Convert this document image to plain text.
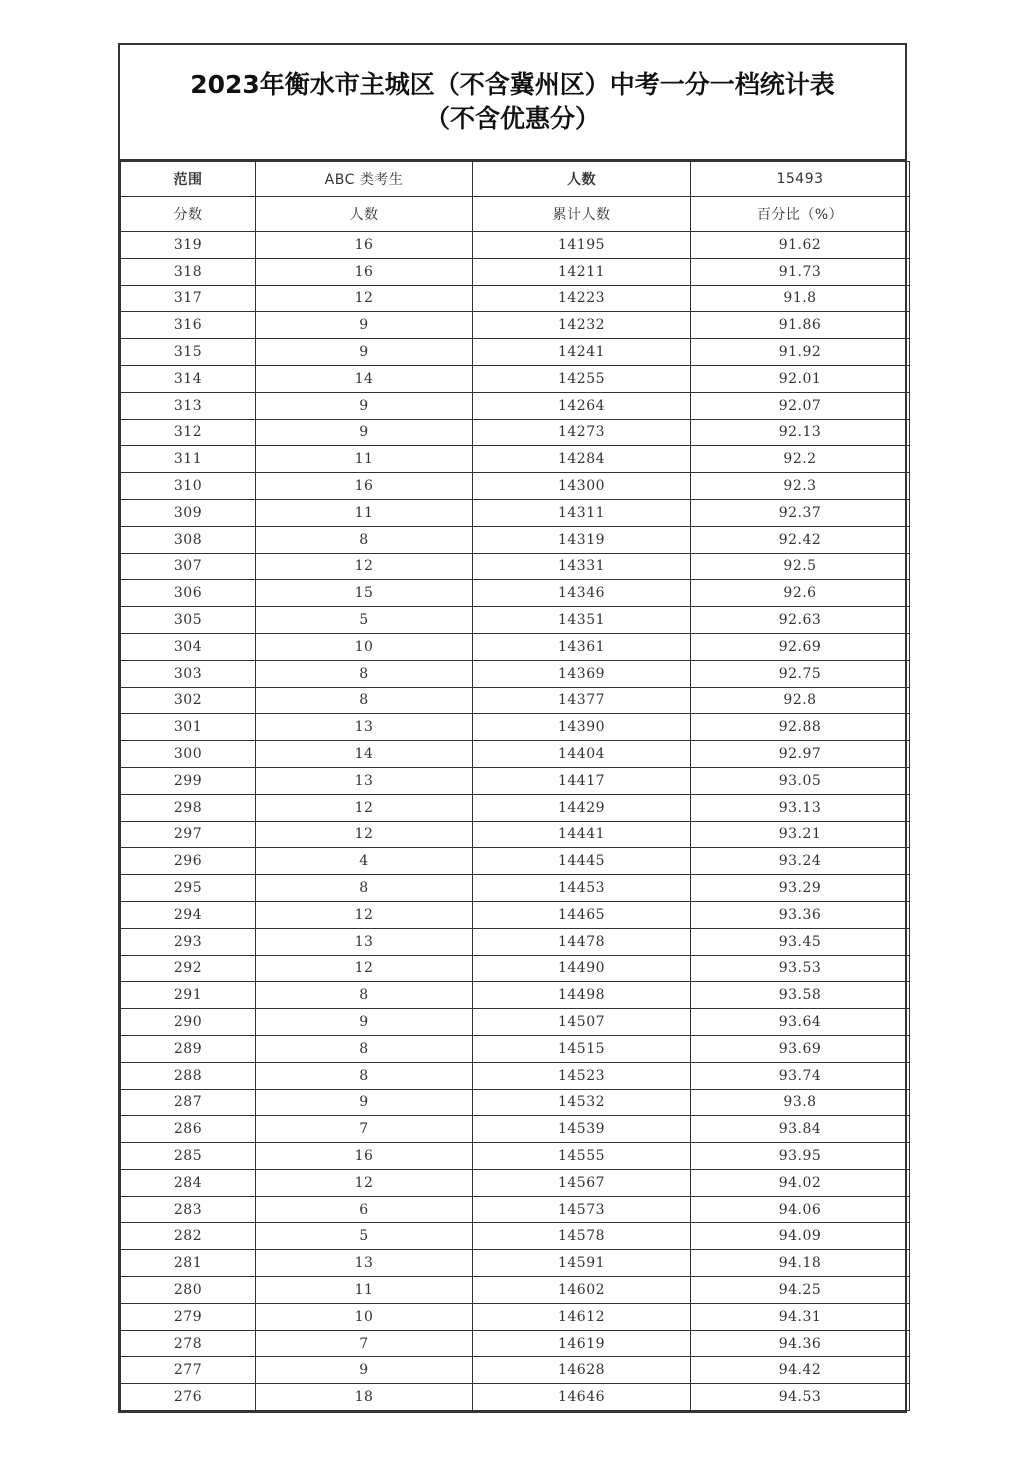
2023年衡水市主城区（不含冀州区）中考一分一档统计表
（不含优惠分）
范围	ABC 类考生	人数	15493
分数	人数	累计人数	百分比（%）
319	16	14195	91.62
318	16	14211	91.73
317	12	14223	91.8
316	9	14232	91.86
315	9	14241	91.92
314	14	14255	92.01
313	9	14264	92.07
312	9	14273	92.13
311	11	14284	92.2
310	16	14300	92.3
309	11	14311	92.37
308	8	14319	92.42
307	12	14331	92.5
306	15	14346	92.6
305	5	14351	92.63
304	10	14361	92.69
303	8	14369	92.75
302	8	14377	92.8
301	13	14390	92.88
300	14	14404	92.97
299	13	14417	93.05
298	12	14429	93.13
297	12	14441	93.21
296	4	14445	93.24
295	8	14453	93.29
294	12	14465	93.36
293	13	14478	93.45
292	12	14490	93.53
291	8	14498	93.58
290	9	14507	93.64
289	8	14515	93.69
288	8	14523	93.74
287	9	14532	93.8
286	7	14539	93.84
285	16	14555	93.95
284	12	14567	94.02
283	6	14573	94.06
282	5	14578	94.09
281	13	14591	94.18
280	11	14602	94.25
279	10	14612	94.31
278	7	14619	94.36
277	9	14628	94.42
276	18	14646	94.53
